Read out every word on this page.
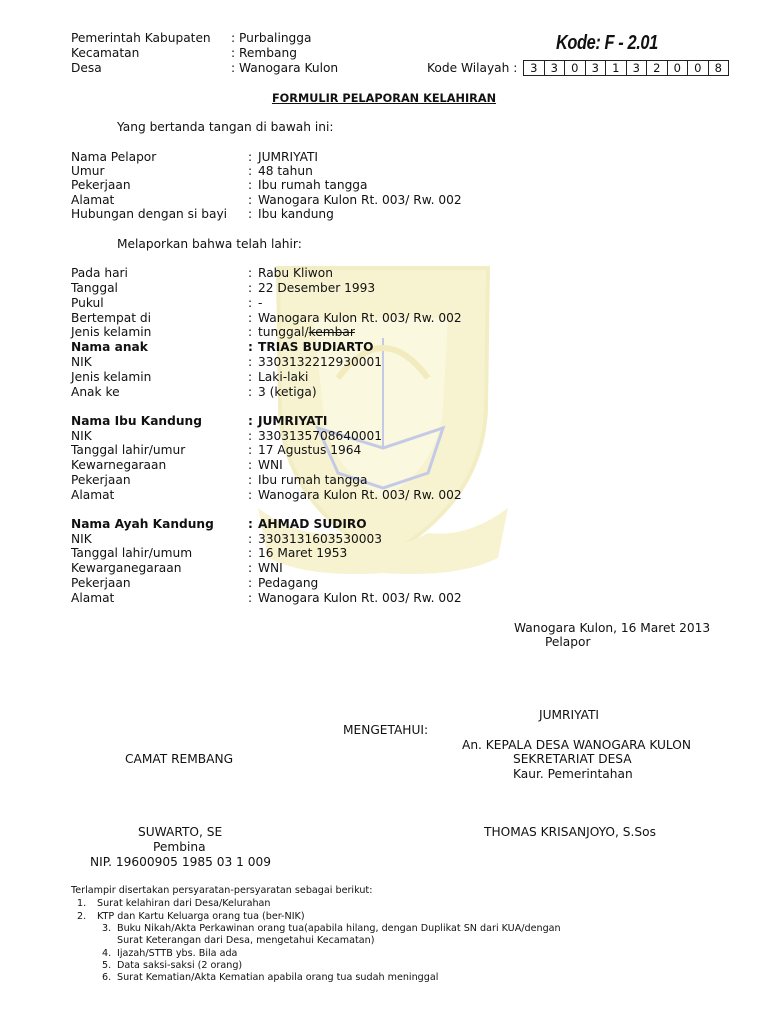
Pemerintah Kabupaten : Purbalingga
Kecamatan	: Rembang
Desa	: Wanogara Kulon
Kode: F - 2.01
Kode Wilayah :	3	3	0	3	1	3	2	0	0	8
FORMULIR PELAPORAN KELAHIRAN
Yang bertanda tangan di bawah ini:
Nama Pelapor	: JUMRIYATI
Umur	: 48 tahun
Pekerjaan	: Ibu rumah tangga
Alamat	: Wanogara Kulon Rt. 003/ Rw. 002
Hubungan dengan si bayi : Ibu kandung
Melaporkan bahwa telah lahir:
Pada hari	: Rabu Kliwon
Tanggal	: 22 Desember 1993
Pukul	: -
Bertempat di	: Wanogara Kulon Rt. 003/ Rw. 002
Jenis kelamin	: tunggal/kembar
Nama anak	: TRIAS BUDIARTO
NIK	: 3303132212930001
Jenis kelamin	: Laki-laki
Anak ke	: 3 (ketiga)
Nama Ibu Kandung	: JUMRIYATI
NIK	: 3303135708640001
Tanggal lahir/umur	: 17 Agustus 1964
Kewarnegaraan	: WNI
Pekerjaan	: Ibu rumah tangga
Alamat	: Wanogara Kulon Rt. 003/ Rw. 002
Nama Ayah Kandung	: AHMAD SUDIRO
NIK	: 3303131603530003
Tanggal lahir/umum	: 16 Maret 1953
Kewarganegaraan	: WNI
Pekerjaan	: Pedagang
Alamat	: Wanogara Kulon Rt. 003/ Rw. 002
Wanogara Kulon, 16 Maret 2013
Pelapor
JUMRIYATI
MENGETAHUI:
An. KEPALA DESA WANOGARA KULON
SEKRETARIAT DESA
Kaur. Pemerintahan
CAMAT REMBANG
SUWARTO, SE
Pembina
NIP. 19600905 1985 03 1 009
THOMAS KRISANJOYO, S.Sos
Terlampir disertakan persyaratan-persyaratan sebagai berikut:
1. Surat kelahiran dari Desa/Kelurahan
2. KTP dan Kartu Keluarga orang tua (ber-NIK)
3. Buku Nikah/Akta Perkawinan orang tua(apabila hilang, dengan Duplikat SN dari KUA/dengan
Surat Keterangan dari Desa, mengetahui Kecamatan)
4. Ijazah/STTB ybs. Bila ada
5. Data saksi-saksi (2 orang)
6. Surat Kematian/Akta Kematian apabila orang tua sudah meninggal
